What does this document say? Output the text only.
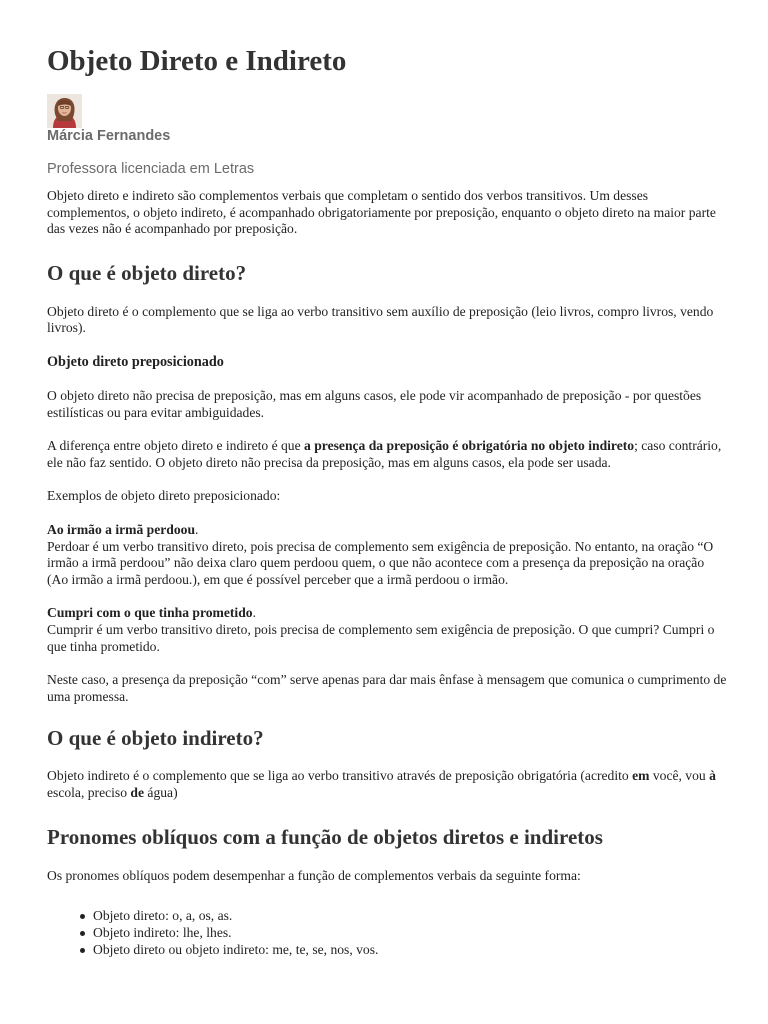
Objeto Direto e Indireto
Márcia Fernandes
Professora licenciada em Letras

Objeto direto e indireto são complementos verbais que completam o sentido dos verbos transitivos. Um desses complementos, o objeto indireto, é acompanhado obrigatoriamente por preposição, enquanto o objeto direto na maior parte das vezes não é acompanhado por preposição.

O que é objeto direto?

Objeto direto é o complemento que se liga ao verbo transitivo sem auxílio de preposição (leio livros, compro livros, vendo livros).

Objeto direto preposicionado

O objeto direto não precisa de preposição, mas em alguns casos, ele pode vir acompanhado de preposição - por questões estilísticas ou para evitar ambiguidades.

A diferença entre objeto direto e indireto é que a presença da preposição é obrigatória no objeto indireto; caso contrário, ele não faz sentido. O objeto direto não precisa da preposição, mas em alguns casos, ela pode ser usada.

Exemplos de objeto direto preposicionado:

Ao irmão a irmã perdoou.
Perdoar é um verbo transitivo direto, pois precisa de complemento sem exigência de preposição. No entanto, na oração “O irmão a irmã perdoou” não deixa claro quem perdoou quem, o que não acontece com a presença da preposição na oração (Ao irmão a irmã perdoou.), em que é possível perceber que a irmã perdoou o irmão.

Cumpri com o que tinha prometido.
Cumprir é um verbo transitivo direto, pois precisa de complemento sem exigência de preposição. O que cumpri? Cumpri o que tinha prometido.

Neste caso, a presença da preposição “com” serve apenas para dar mais ênfase à mensagem que comunica o cumprimento de uma promessa.

O que é objeto indireto?

Objeto indireto é o complemento que se liga ao verbo transitivo através de preposição obrigatória (acredito em você, vou à escola, preciso de água)

Pronomes oblíquos com a função de objetos diretos e indiretos

Os pronomes oblíquos podem desempenhar a função de complementos verbais da seguinte forma:

Objeto direto: o, a, os, as.
Objeto indireto: lhe, lhes.
Objeto direto ou objeto indireto: me, te, se, nos, vos.
